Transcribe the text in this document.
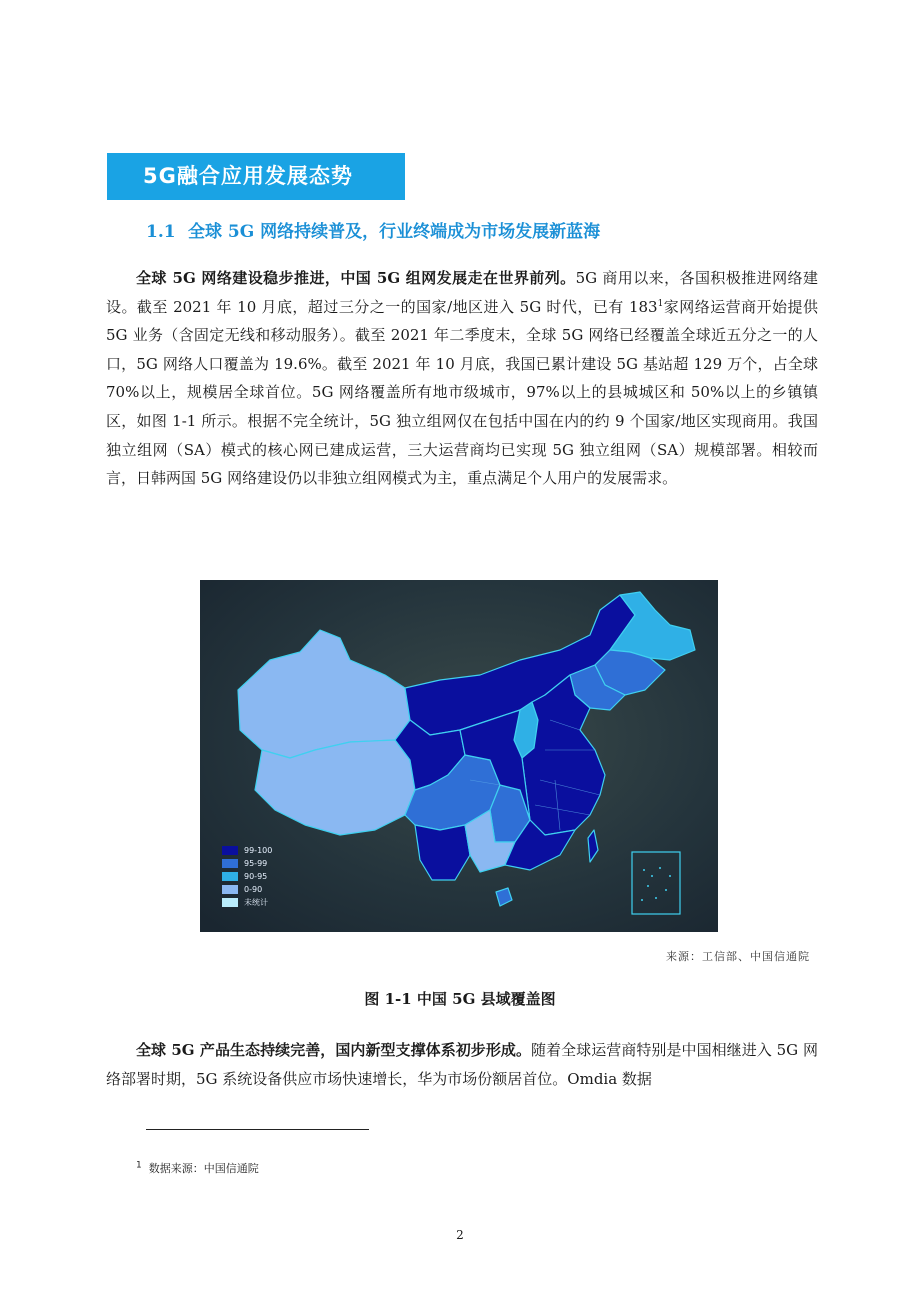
5G融合应用发展态势
1.1 全球 5G 网络持续普及，行业终端成为市场发展新蓝海

全球 5G 网络建设稳步推进，中国 5G 组网发展走在世界前列。5G 商用以来，各国积极推进网络建设。截至 2021 年 10 月底，超过三分之一的国家/地区进入 5G 时代，已有 $183^1$家网络运营商开始提供 5G 业务（含固定无线和移动服务）。截至 2021 年二季度末，全球 5G 网络已经覆盖全球近五分之一的人口，5G 网络人口覆盖为 19.6%。截至 2021 年 10 月底，我国已累计建设 5G 基站超 129 万个，占全球 70%以上，规模居全球首位。5G 网络覆盖所有地市级城市，97%以上的县城城区和 50%以上的乡镇镇区，如图 1-1 所示。根据不完全统计，5G 独立组网仅在包括中国在内的约 9 个国家/地区实现商用。我国独立组网（SA）模式的核心网已建成运营，三大运营商均已实现 5G 独立组网（SA）规模部署。相较而言，日韩两国 5G 网络建设仍以非独立组网模式为主，重点满足个人用户的发展需求。

99-100
95-99
90-95
0-90
未统计
来源：工信部、中国信通院
图 1-1 中国 5G 县域覆盖图

全球 5G 产品生态持续完善，国内新型支撑体系初步形成。随着全球运营商特别是中国相继进入 5G 网络部署时期，5G 系统设备供应市场快速增长，华为市场份额居首位。Omdia 数据

$^1$ 数据来源：中国信通院
2
